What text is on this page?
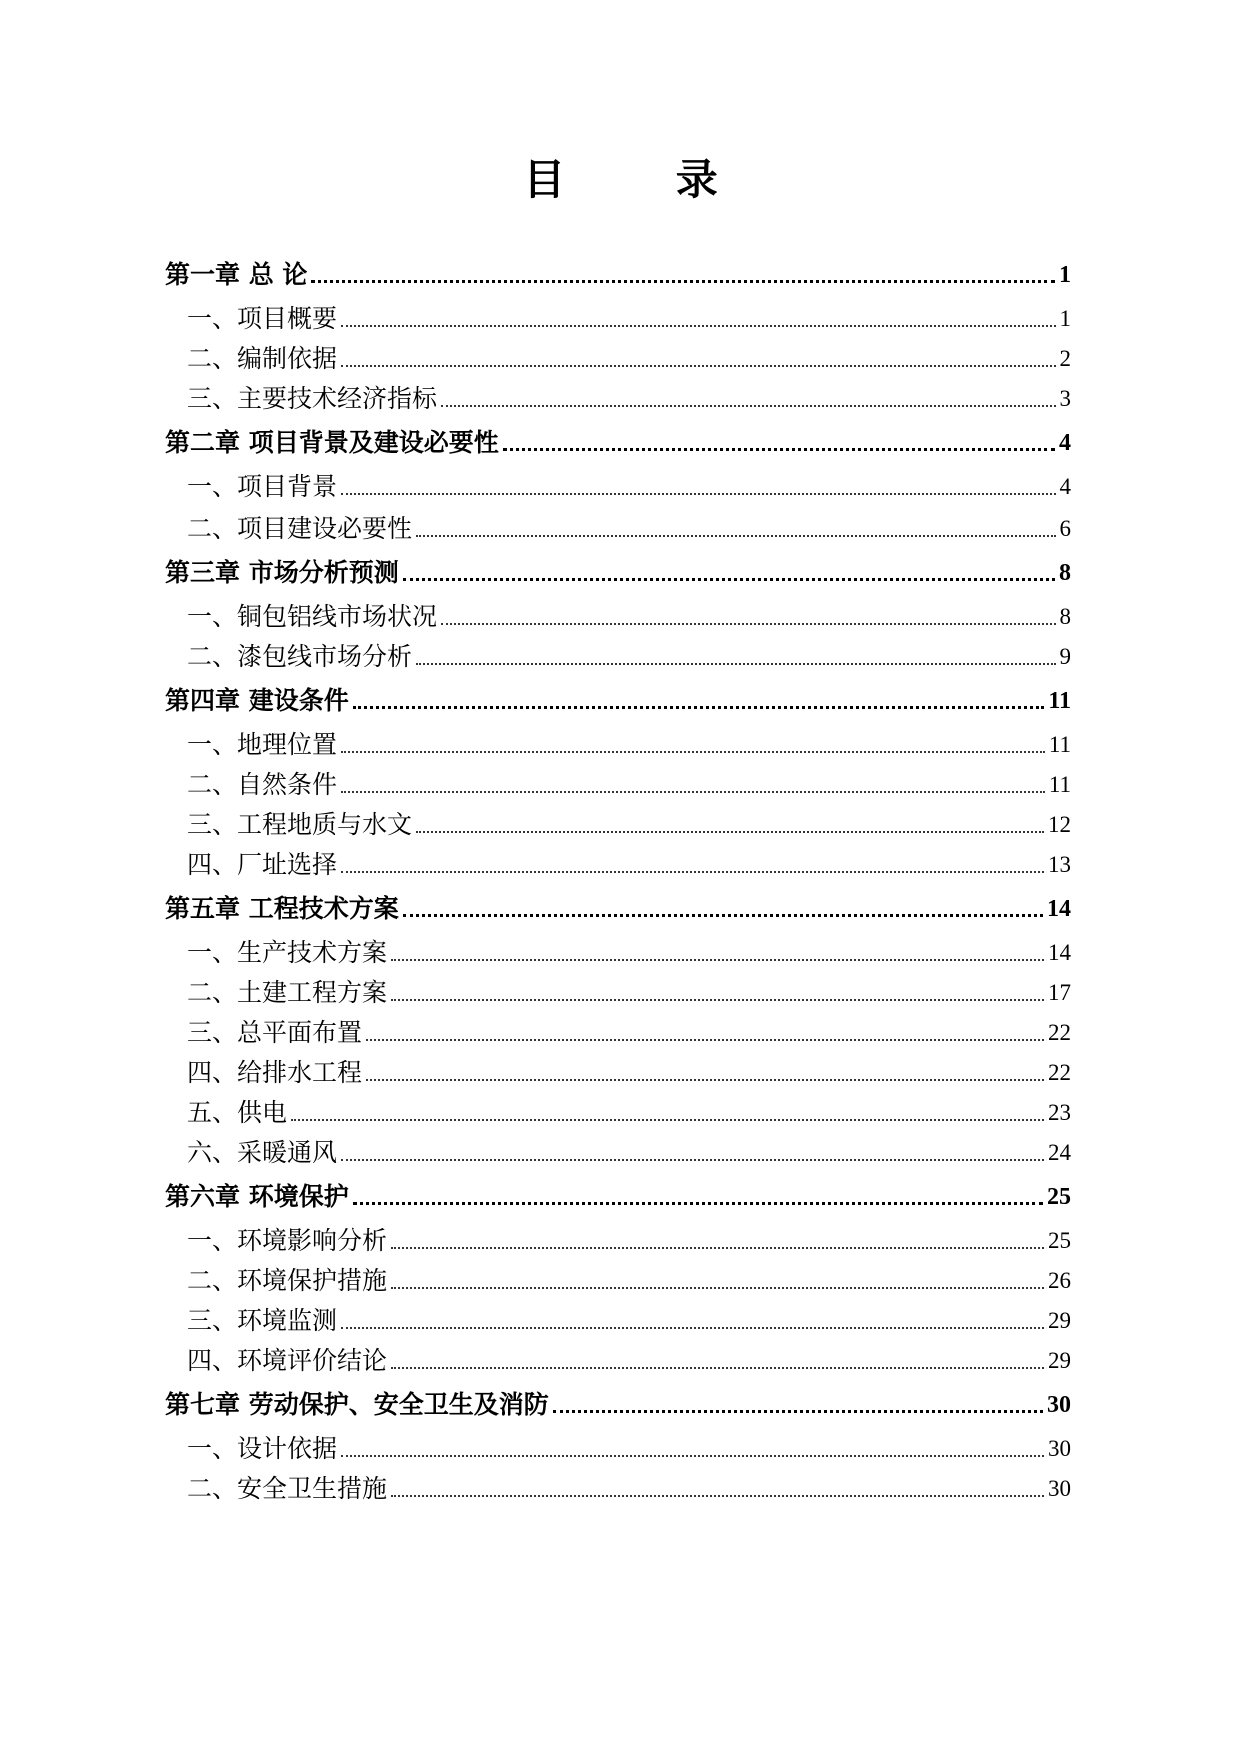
目 录
第一章 总 论	1
一、项目概要	1
二、编制依据	2
三、主要技术经济指标	3
第二章 项目背景及建设必要性	4
一、项目背景	4
二、项目建设必要性	6
第三章 市场分析预测	8
一、铜包铝线市场状况	8
二、漆包线市场分析	9
第四章 建设条件	11
一、地理位置	11
二、自然条件	11
三、工程地质与水文	12
四、厂址选择	13
第五章 工程技术方案	14
一、生产技术方案	14
二、土建工程方案	17
三、总平面布置	22
四、给排水工程	22
五、供电	23
六、采暖通风	24
第六章 环境保护	25
一、环境影响分析	25
二、环境保护措施	26
三、环境监测	29
四、环境评价结论	29
第七章 劳动保护、安全卫生及消防	30
一、设计依据	30
二、安全卫生措施	30
